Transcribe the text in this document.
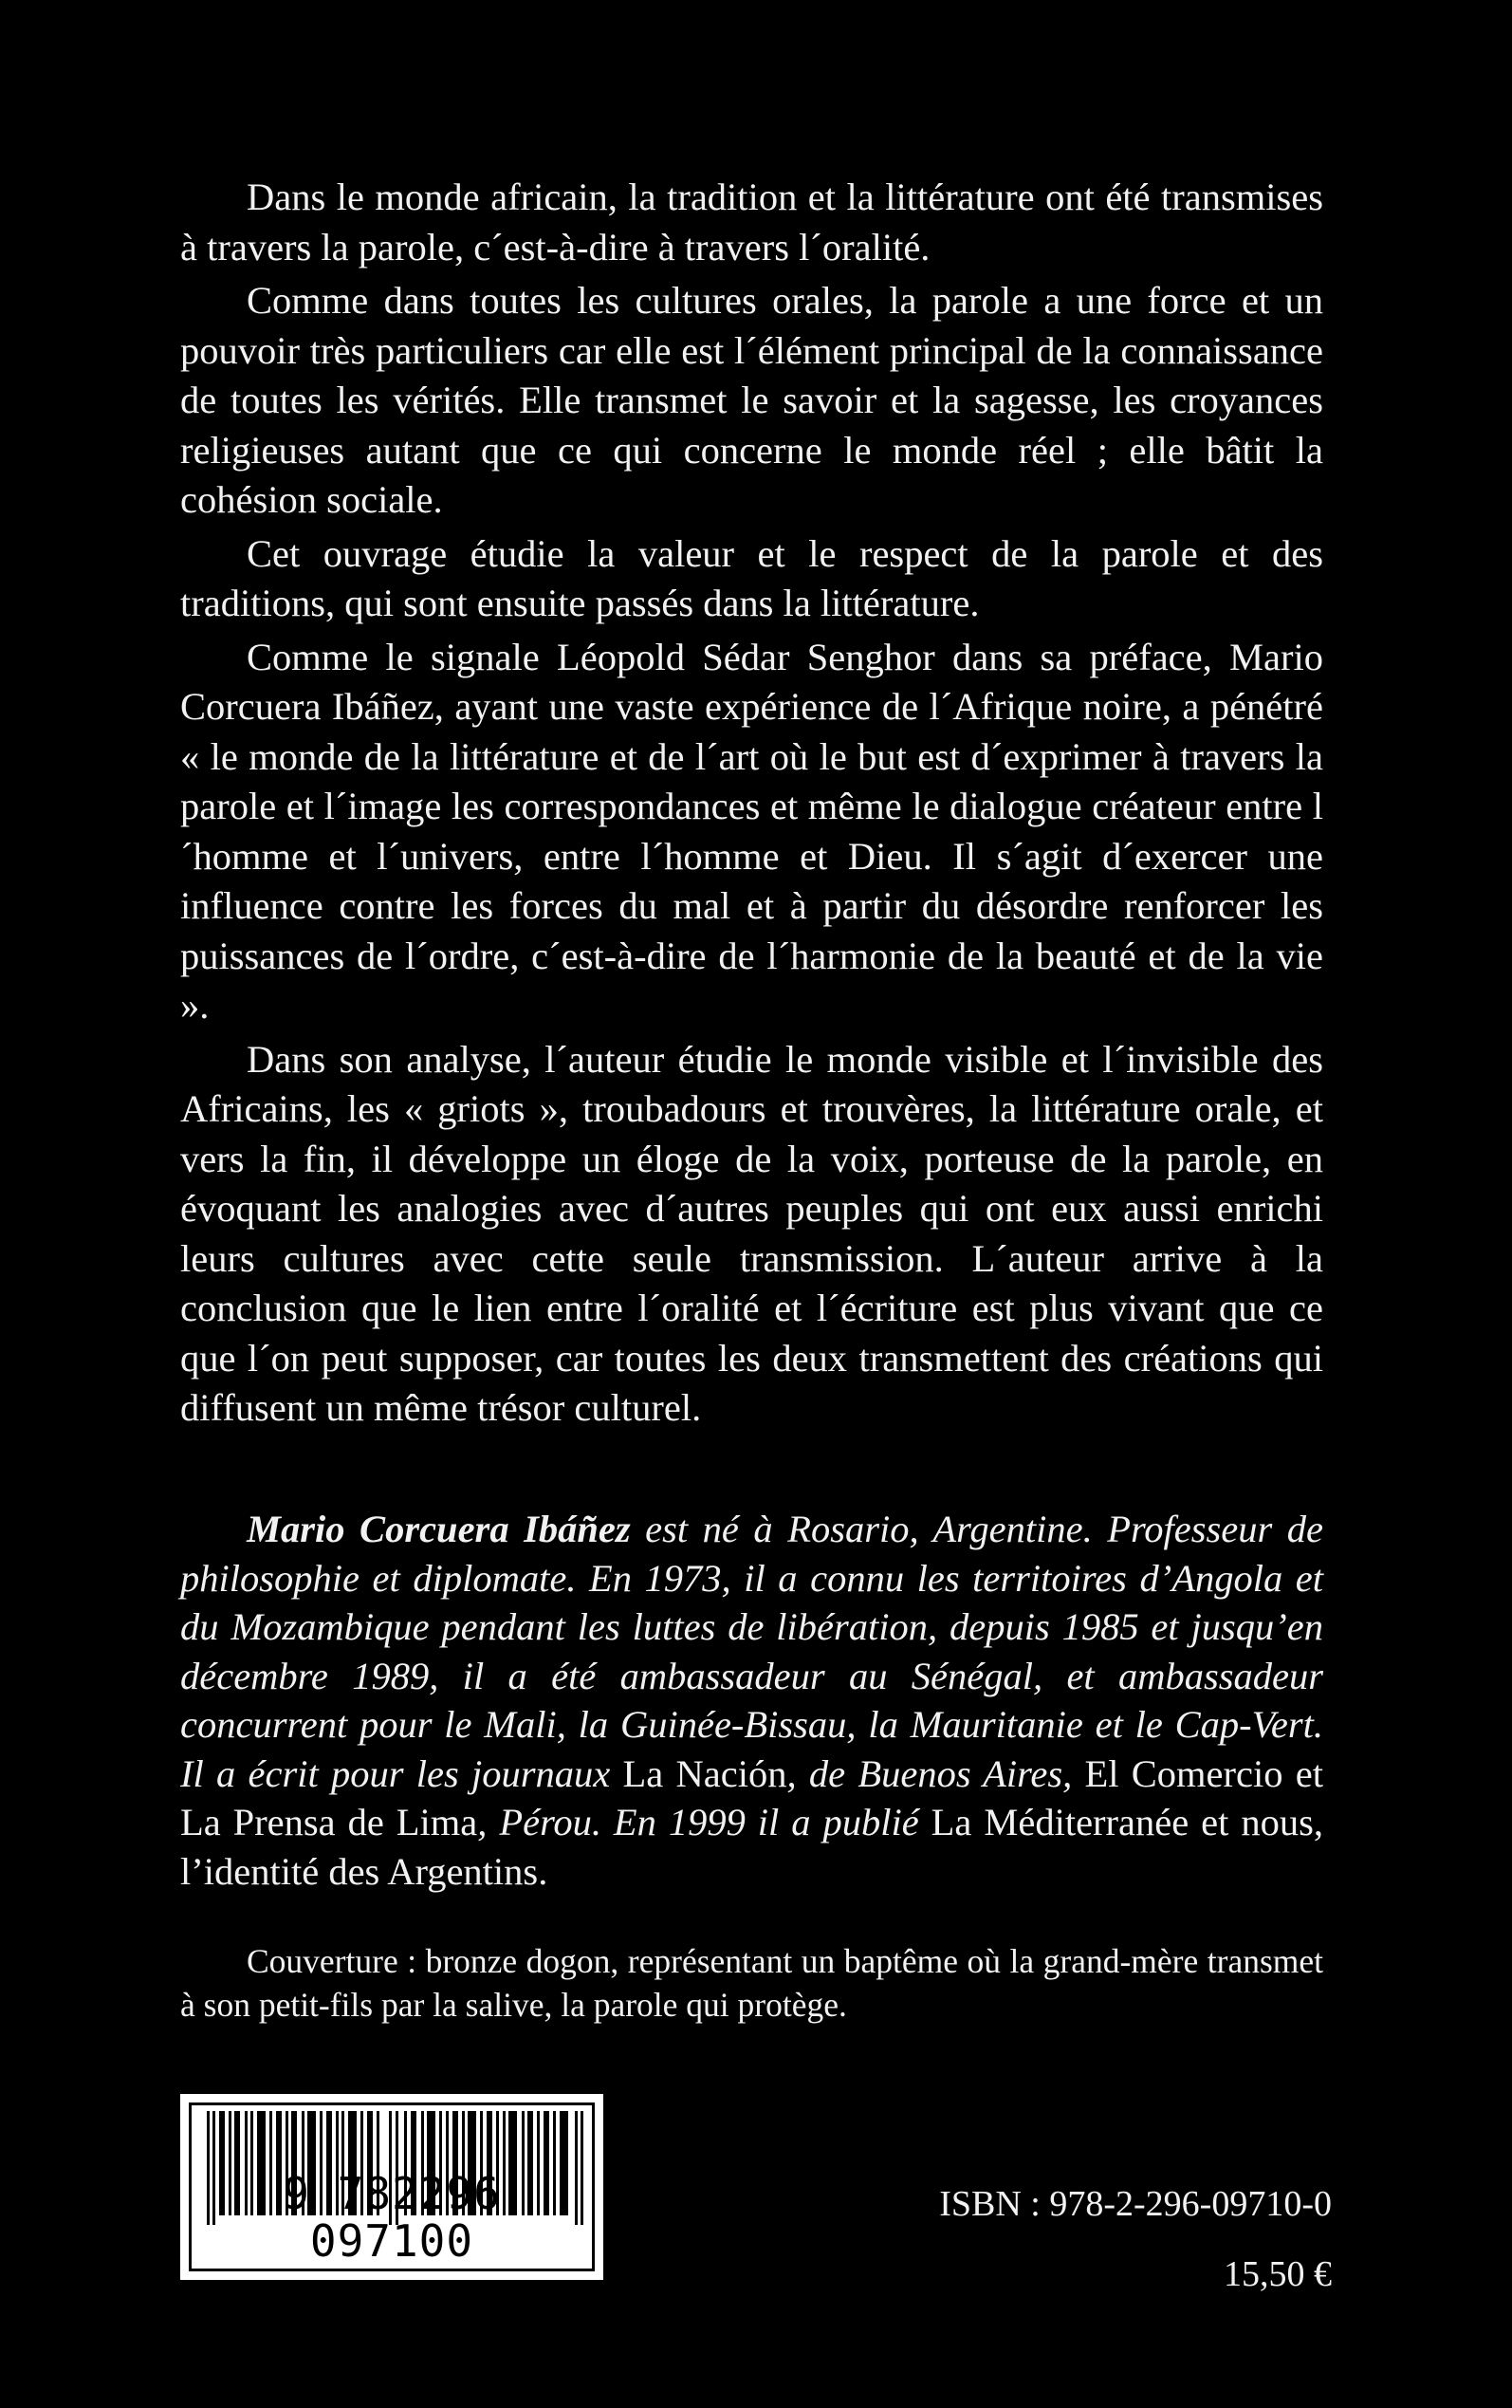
Dans le monde africain, la tradition et la littérature ont été transmises à travers la parole, c´est-à-dire à travers l´oralité.

Comme dans toutes les cultures orales, la parole a une force et un pouvoir très particuliers car elle est l´élément principal de la connaissance de toutes les vérités. Elle transmet le savoir et la sagesse, les croyances religieuses autant que ce qui concerne le monde réel ; elle bâtit la cohésion sociale.

Cet ouvrage étudie la valeur et le respect de la parole et des traditions, qui sont ensuite passés dans la littérature.

Comme le signale Léopold Sédar Senghor dans sa préface, Mario Corcuera Ibáñez, ayant une vaste expérience de l´Afrique noire, a pénétré « le monde de la littérature et de l´art où le but est d´exprimer à travers la parole et l´image les correspondances et même le dialogue créateur entre l´homme et l´univers, entre l´homme et Dieu. Il s´agit d´exercer une influence contre les forces du mal et à partir du désordre renforcer les puissances de l´ordre, c´est-à-dire de l´harmonie de la beauté et de la vie ».

Dans son analyse, l´auteur étudie le monde visible et l´invisible des Africains, les « griots », troubadours et trouvères, la littérature orale, et vers la fin, il développe un éloge de la voix, porteuse de la parole, en évoquant les analogies avec d´autres peuples qui ont eux aussi enrichi leurs cultures avec cette seule transmission. L´auteur arrive à la conclusion que le lien entre l´oralité et l´écriture est plus vivant que ce que l´on peut supposer, car toutes les deux transmettent des créations qui diffusent un même trésor culturel.

Mario Corcuera Ibáñez est né à Rosario, Argentine. Professeur de philosophie et diplomate. En 1973, il a connu les territoires d’Angola et du Mozambique pendant les luttes de libération, depuis 1985 et jusqu’en décembre 1989, il a été ambassadeur au Sénégal, et ambassadeur concurrent pour le Mali, la Guinée-Bissau, la Mauritanie et le Cap-Vert. Il a écrit pour les journaux La Nación, de Buenos Aires, El Comercio et La Prensa de Lima, Pérou. En 1999 il a publié La Méditerranée et nous, l’identité des Argentins.

Couverture : bronze dogon, représentant un baptême où la grand-mère transmet à son petit-fils par la salive, la parole qui protège.

9 782296 097100
ISBN : 978-2-296-09710-0
15,50 €
